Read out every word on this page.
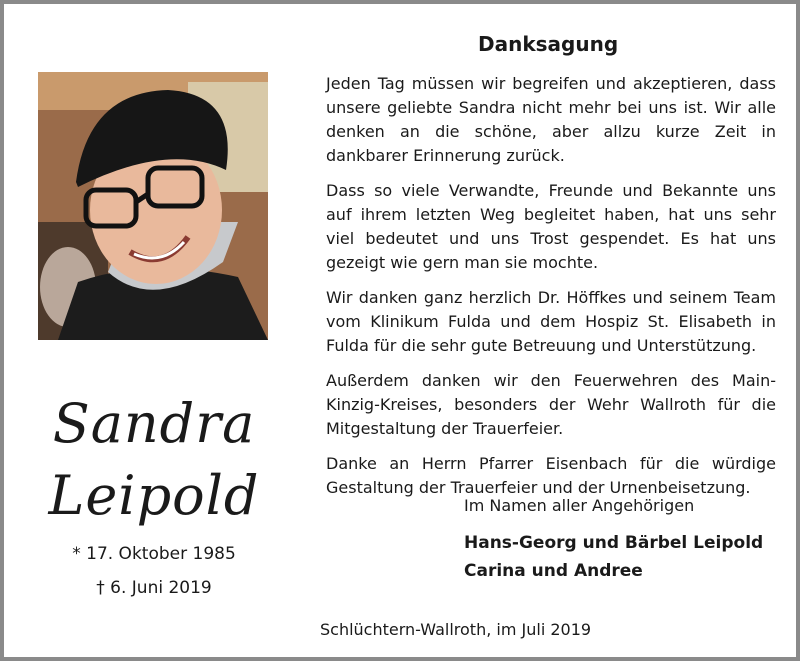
Sandra
Leipold
* 17. Oktober 1985
† 6. Juni 2019
Danksagung

Jeden Tag müssen wir begreifen und akzeptieren, dass unsere geliebte Sandra nicht mehr bei uns ist. Wir alle denken an die schöne, aber allzu kurze Zeit in dankbarer Erinnerung zurück.

Dass so viele Verwandte, Freunde und Bekannte uns auf ihrem letzten Weg begleitet haben, hat uns sehr viel bedeutet und uns Trost gespendet. Es hat uns gezeigt wie gern man sie mochte.

Wir danken ganz herzlich Dr. Höffkes und seinem Team vom Klinikum Fulda und dem Hospiz St. Elisabeth in Fulda für die sehr gute Betreuung und Unterstützung.

Außerdem danken wir den Feuerwehren des Main-Kinzig-Kreises, besonders der Wehr Wallroth für die Mitgestaltung der Trauerfeier.

Danke an Herrn Pfarrer Eisenbach für die würdige Gestaltung der Trauerfeier und der Urnenbeisetzung.

Im Namen aller Angehörigen
Hans-Georg und Bärbel Leipold
Carina und Andree
Schlüchtern-Wallroth, im Juli 2019
